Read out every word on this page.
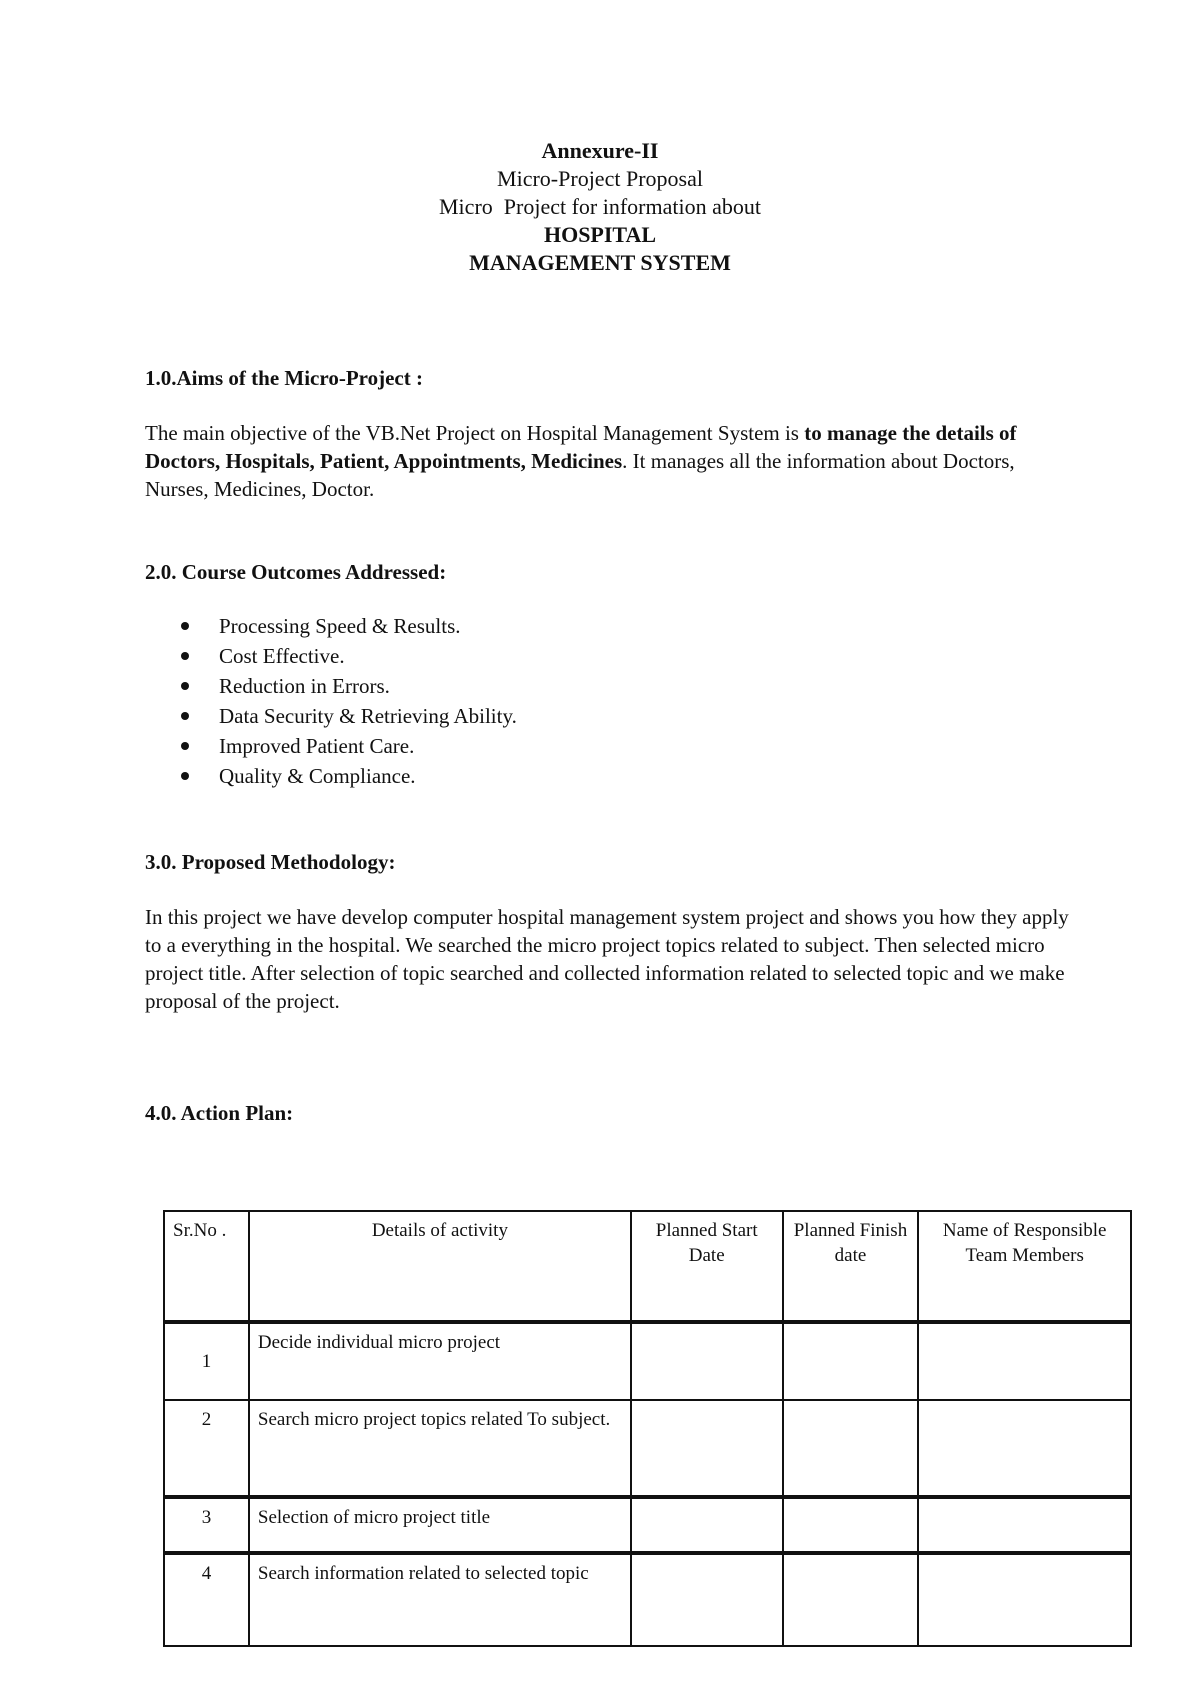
Annexure-II
Micro-Project Proposal
Micro  Project for information about
HOSPITAL
MANAGEMENT SYSTEM
1.0.Aims of the Micro-Project :
The main objective of the VB.Net Project on Hospital Management System is to manage the details of Doctors, Hospitals, Patient, Appointments, Medicines. It manages all the information about Doctors, Nurses, Medicines, Doctor.
2.0. Course Outcomes Addressed:
Processing Speed & Results.
Cost Effective.
Reduction in Errors.
Data Security & Retrieving Ability.
Improved Patient Care.
Quality & Compliance.
3.0. Proposed Methodology:
In this project we have develop computer hospital management system project and shows you how they apply to a everything in the hospital. We searched the micro project topics related to subject. Then selected micro project title. After selection of topic searched and collected information related to selected topic and we make proposal of the project.
4.0. Action Plan:
Sr.No .	Details of activity	Planned Start Date	Planned Finish date	Name of Responsible Team Members
1	Decide individual micro project			
2	Search micro project topics related To subject.			
3	Selection of micro project title			
4	Search information related to selected topic			
